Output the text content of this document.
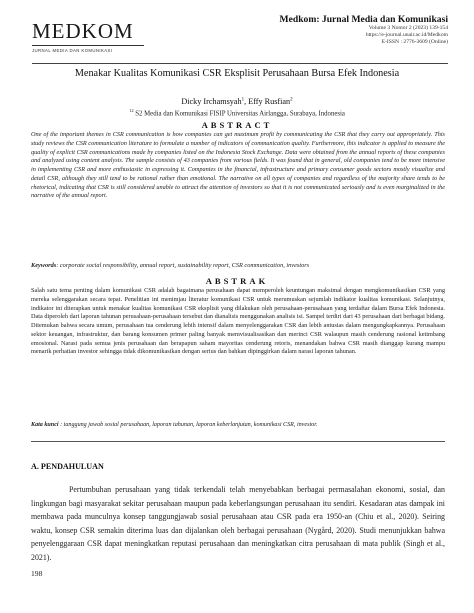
MEDKOM
JURNAL MEDIA DAN KOMUNIKASI
Medkom: Jurnal Media dan Komunikasi
Volume 3 Nomor 2 (2023) 139-154
https://e-journal.unair.ac.id/Medkom
E-ISSN : 2776-3609 (Online)
Menakar Kualitas Komunikasi CSR Eksplisit Perusahaan Bursa Efek Indonesia
Dicky Irchamsyah$^1$, Effy Rusfian$^2$
$^{12}$ S2 Media dan Komunikasi FISIP Universitas Airlangga, Surabaya, Indonesia
ABSTRACT
One of the important themes in CSR communication is how companies can get maximum profit by communicating the CSR that they carry out appropriately. This study reviews the CSR communication literature to formulate a number of indicators of communication quality. Furthermore, this indicator is applied to measure the quality of explicit CSR communications made by companies listed on the Indonesia Stock Exchange. Data were obtained from the annual reports of these companies and analyzed using content analysis. The sample consists of 43 companies from various fields. It was found that in general, old companies tend to be more intensive in implementing CSR and more enthusiastic in expressing it. Companies in the financial, infrastructure and primary consumer goods sectors mostly visualize and detail CSR, although they still tend to be rational rather than emotional. The narrative on all types of companies and regardless of the majority share tends to be rhetorical, indicating that CSR is still considered unable to attract the attention of investors so that it is not communicated seriously and is even marginalized in the narrative of the annual report.
Keywords: corporate social responsibility, annual report, sustainability report, CSR communication, investors
ABSTRAK
Salah satu tema penting dalam komunikasi CSR adalah bagaimana perusahaan dapat memperoleh keuntungan maksimal dengan mengkomunikasikan CSR yang mereka selenggarakan secara tepat. Penelitian ini menimjau literatur komunikasi CSR untuk merumuskan sejumlah indikator kualitas komunikasi. Selanjutnya, indikator ini diterapkan untuk menakar kualitas komunikasi CSR eksplisit yang dilakukan oleh perusahaan-perusahaan yang terdaftar dalam Bursa Efek Indonesia. Data diperoleh dari laporan tahunan perusahaan-perusahaan tersebut dan dianalisis menggunakan analisis isi. Sampel terdiri dari 43 perusahaan dari berbagai bidang. Ditemukan bahwa secara umum, perusahaan tua cenderung lebih intensif dalam menyelenggarakan CSR dan lebih antusias dalam mengungkapkannya. Perusahaan sektor keuangan, infrastruktur, dan barang konsumen primer paling banyak memvisualisasikan dan merinci CSR walaupun masih cenderung rasional ketimbang emosional. Narasi pada semua jenis perusahaan dan berapapun saham mayoritas cenderung retoris, menandakan bahwa CSR masih dianggap kurang mampu menarik perhatian investor sehingga tidak dikomunikasikan dengan serius dan bahkan dipinggirkan dalam narasi laporan tahunan.
Kata kunci : tanggung jawab sosial perusahaan, laporan tahunan, laporan keberlanjutan, komunikasi CSR, investor.
A. PENDAHULUAN
Pertumbuhan perusahaan yang tidak terkendali telah menyebabkan berbagai permasalahan ekonomi, sosial, dan lingkungan bagi masyarakat sekitar perusahaan maupun pada keberlangsungan perusahaan itu sendiri. Kesadaran atas dampak ini membawa pada munculnya konsep tanggungjawab sosial perusahaan atau CSR pada era 1950-an (Chiu et al., 2020). Seiring waktu, konsep CSR semakin diterima luas dan dijalankan oleh berbagai perusahaan (Nygård, 2020). Studi menunjukkan bahwa penyelenggaraan CSR dapat meningkatkan reputasi perusahaan dan meningkatkan citra perusahaan di mata publik (Singh et al., 2021).
198
